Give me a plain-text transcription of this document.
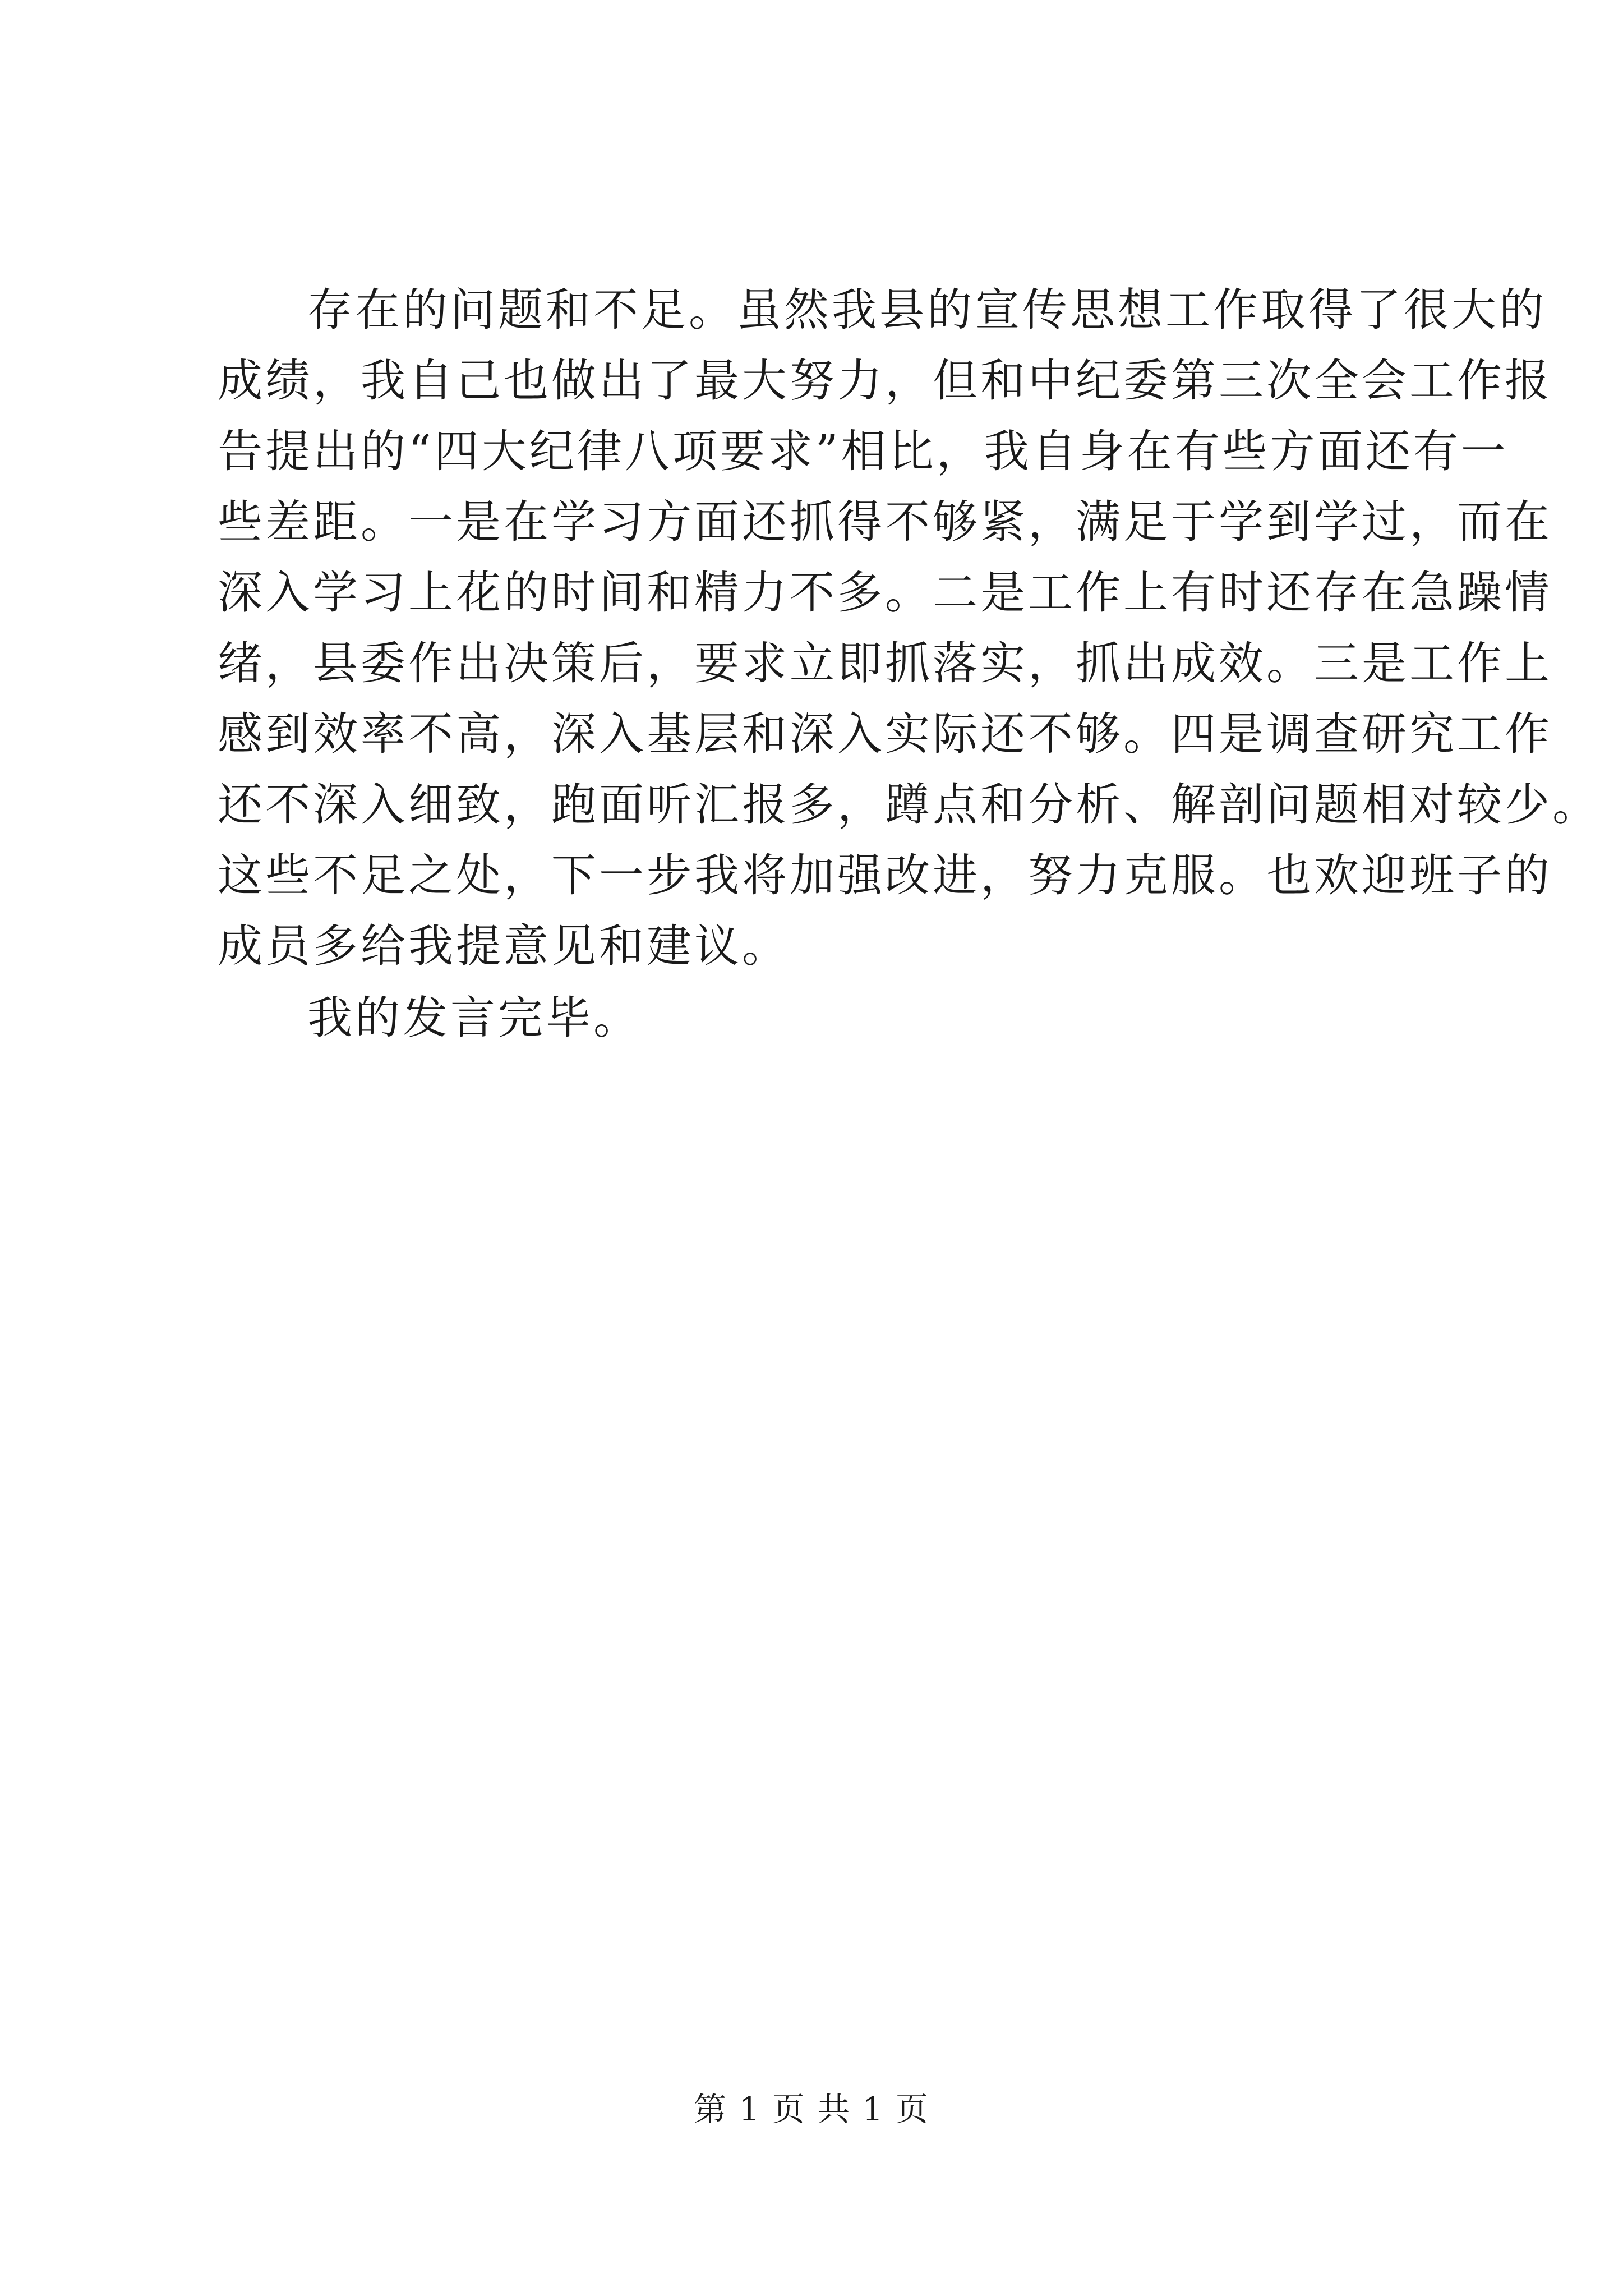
存在的问题和不足。虽然我县的宣传思想工作取得了很大的
成绩，我自己也做出了最大努力，但和中纪委第三次全会工作报
告提出的“四大纪律八项要求”相比，我自身在有些方面还有一
些差距。一是在学习方面还抓得不够紧，满足于学到学过，而在
深入学习上花的时间和精力不多。二是工作上有时还存在急躁情
绪，县委作出决策后，要求立即抓落实，抓出成效。三是工作上
感到效率不高，深入基层和深入实际还不够。四是调查研究工作
还不深入细致，跑面听汇报多，蹲点和分析、解剖问题相对较少。
这些不足之处，下一步我将加强改进，努力克服。也欢迎班子的
成员多给我提意见和建议。
我的发言完毕。
第 1 页 共 1 页
